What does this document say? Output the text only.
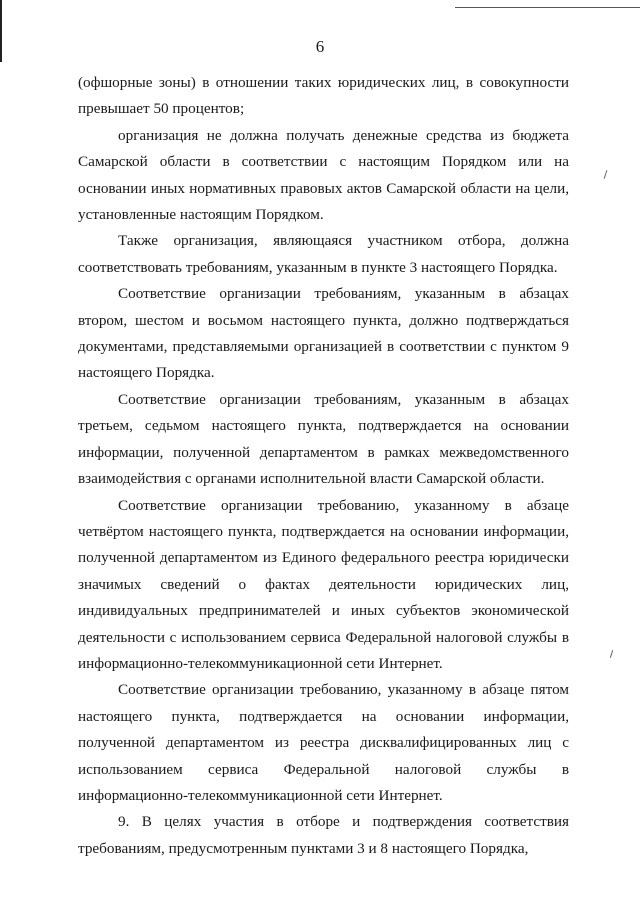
6

(офшорные зоны) в отношении таких юридических лиц, в совокупности превышает 50 процентов;

организация не должна получать денежные средства из бюджета Самарской области в соответствии с настоящим Порядком или на основании иных нормативных правовых актов Самарской области на цели, установленные настоящим Порядком.

Также организация, являющаяся участником отбора, должна соответствовать требованиям, указанным в пункте 3 настоящего Порядка.

Соответствие организации требованиям, указанным в абзацах втором, шестом и восьмом настоящего пункта, должно подтверждаться документами, представляемыми организацией в соответствии с пунктом 9 настоящего Порядка.

Соответствие организации требованиям, указанным в абзацах третьем, седьмом настоящего пункта, подтверждается на основании информации, полученной департаментом в рамках межведомственного взаимодействия с органами исполнительной власти Самарской области.

Соответствие организации требованию, указанному в абзаце четвёртом настоящего пункта, подтверждается на основании информации, полученной департаментом из Единого федерального реестра юридически значимых сведений о фактах деятельности юридических лиц, индивидуальных предпринимателей и иных субъектов экономической деятельности с использованием сервиса Федеральной налоговой службы в информационно-телекоммуникационной сети Интернет.

Соответствие организации требованию, указанному в абзаце пятом настоящего пункта, подтверждается на основании информации, полученной департаментом из реестра дисквалифицированных лиц с использованием сервиса Федеральной налоговой службы в информационно-телекоммуникационной сети Интернет.

9. В целях участия в отборе и подтверждения соответствия требованиям, предусмотренным пунктами 3 и 8 настоящего Порядка,
